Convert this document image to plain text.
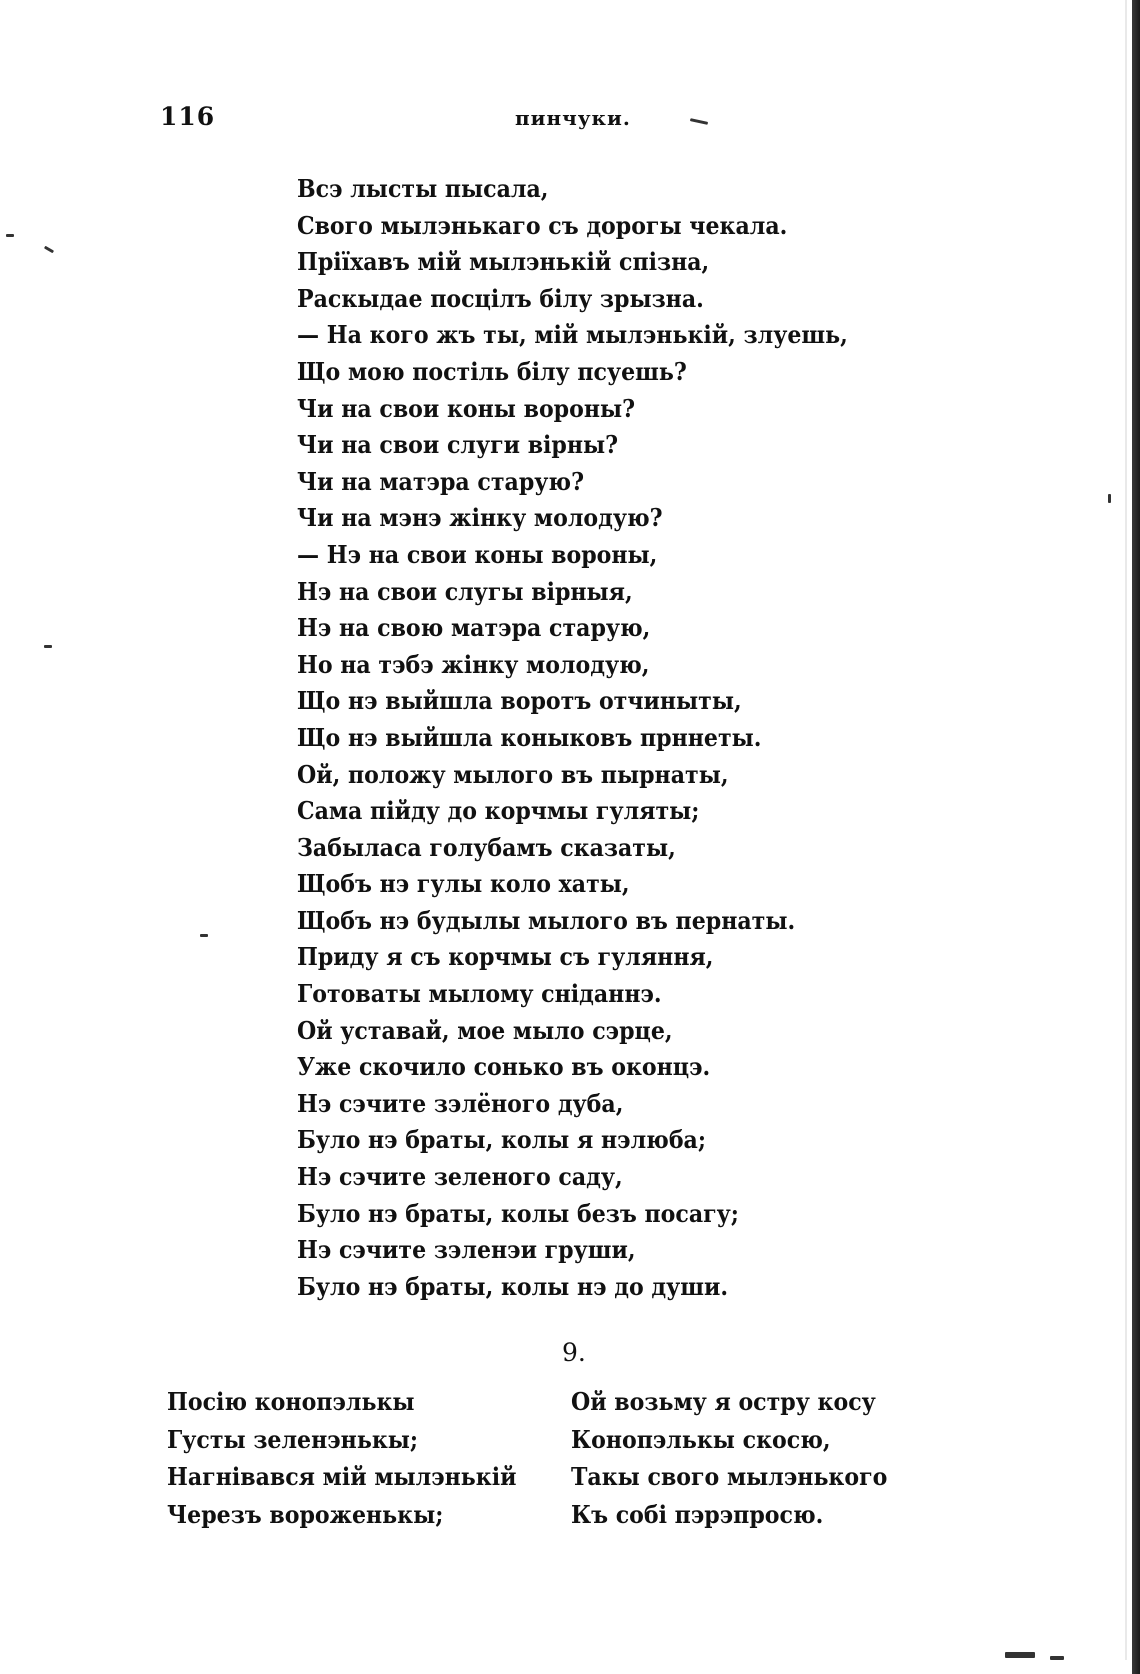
116	пинчуки.
Всэ лысты пысала,
Свого мылэнькаго съ дорогы чекала.
Пріїхавъ мій мылэнькій спізна,
Раскыдае посцілъ білу зрызна.
— На кого жъ ты, мій мылэнькій, злуешь,
Що мою постіль білу псуешь?
Чи на свои коны вороны?
Чи на свои слуги вірны?
Чи на матэра старую?
Чи на мэнэ жінку молодую?
— Нэ на свои коны вороны,
Нэ на свои слугы вірныя,
Нэ на свою матэра старую,
Но на тэбэ жінку молодую,
Що нэ выйшла воротъ отчиныты,
Що нэ выйшла коныковъ прннеты.
Ой, положу мылого въ пырнаты,
Сама пійду до корчмы гуляты;
Забыласа голубамъ сказаты,
Щобъ нэ гулы коло хаты,
Щобъ нэ будылы мылого въ пернаты.
Приду я съ корчмы съ гуляння,
Готоваты мылому сніданнэ.
Ой уставай, мое мыло сэрце,
Уже скочило сонько въ оконцэ.
Нэ сэчите зэлёного дуба,
Було нэ браты, колы я нэлюба;
Нэ сэчите зеленого саду,
Було нэ браты, колы безъ посагу;
Нэ сэчите зэленэи груши,
Було нэ браты, колы нэ до души.
9.
Посію конопэлькы
Густы зеленэнькы;
Нагнівався мій мылэнькій
Черезъ вороженькы;
Ой возьму я остру косу
Конопэлькы скосю,
Такы свого мылэнького
Къ собі пэрэпросю.
